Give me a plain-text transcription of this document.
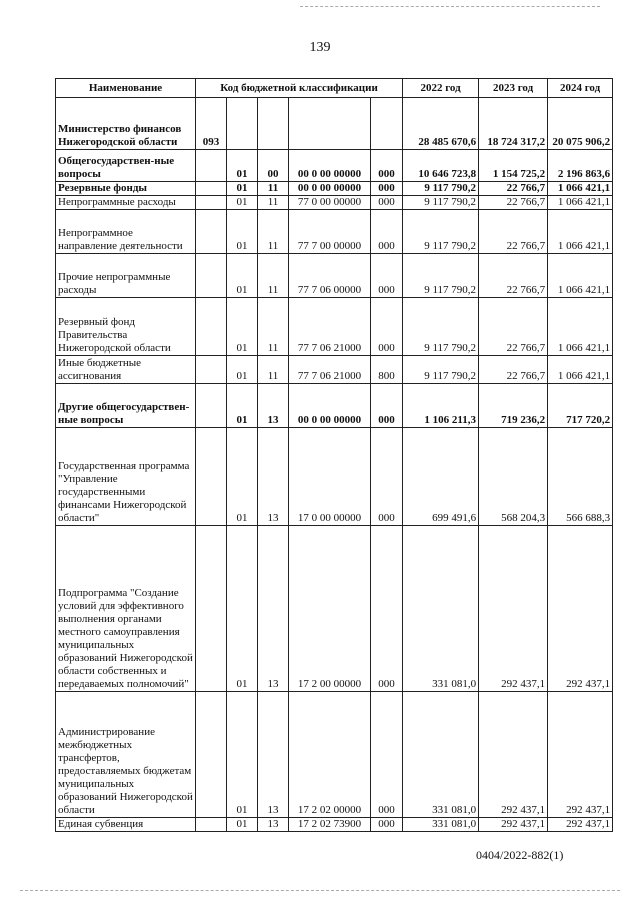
139
Наименование	Код бюджетной классификации					2022 год	2023 год	2024 год
Министерство финансов Нижегородской области	093					28 485 670,6	18 724 317,2	20 075 906,2
Общегосударствен-ные вопросы		01	00	00 0 00 00000	000	10 646 723,8	1 154 725,2	2 196 863,6
Резервные фонды		01	11	00 0 00 00000	000	9 117 790,2	22 766,7	1 066 421,1
Непрограммные расходы		01	11	77 0 00 00000	000	9 117 790,2	22 766,7	1 066 421,1
Непрограммное направление деятельности		01	11	77 7 00 00000	000	9 117 790,2	22 766,7	1 066 421,1
Прочие непрограммные расходы		01	11	77 7 06 00000	000	9 117 790,2	22 766,7	1 066 421,1
Резервный фонд Правительства Нижегородской области		01	11	77 7 06 21000	000	9 117 790,2	22 766,7	1 066 421,1
Иные бюджетные ассигнования		01	11	77 7 06 21000	800	9 117 790,2	22 766,7	1 066 421,1
Другие общегосударствен-ные вопросы		01	13	00 0 00 00000	000	1 106 211,3	719 236,2	717 720,2
Государственная программа "Управление государственными финансами Нижегородской области"		01	13	17 0 00 00000	000	699 491,6	568 204,3	566 688,3
Подпрограмма "Создание условий для эффективного выполнения органами местного самоуправления муниципальных образований Нижегородской области собственных и передаваемых полномочий"		01	13	17 2 00 00000	000	331 081,0	292 437,1	292 437,1
Администрирование межбюджетных трансфертов, предоставляемых бюджетам муниципальных образований Нижегородской области		01	13	17 2 02 00000	000	331 081,0	292 437,1	292 437,1
Единая субвенция		01	13	17 2 02 73900	000	331 081,0	292 437,1	292 437,1
0404/2022-882(1)
